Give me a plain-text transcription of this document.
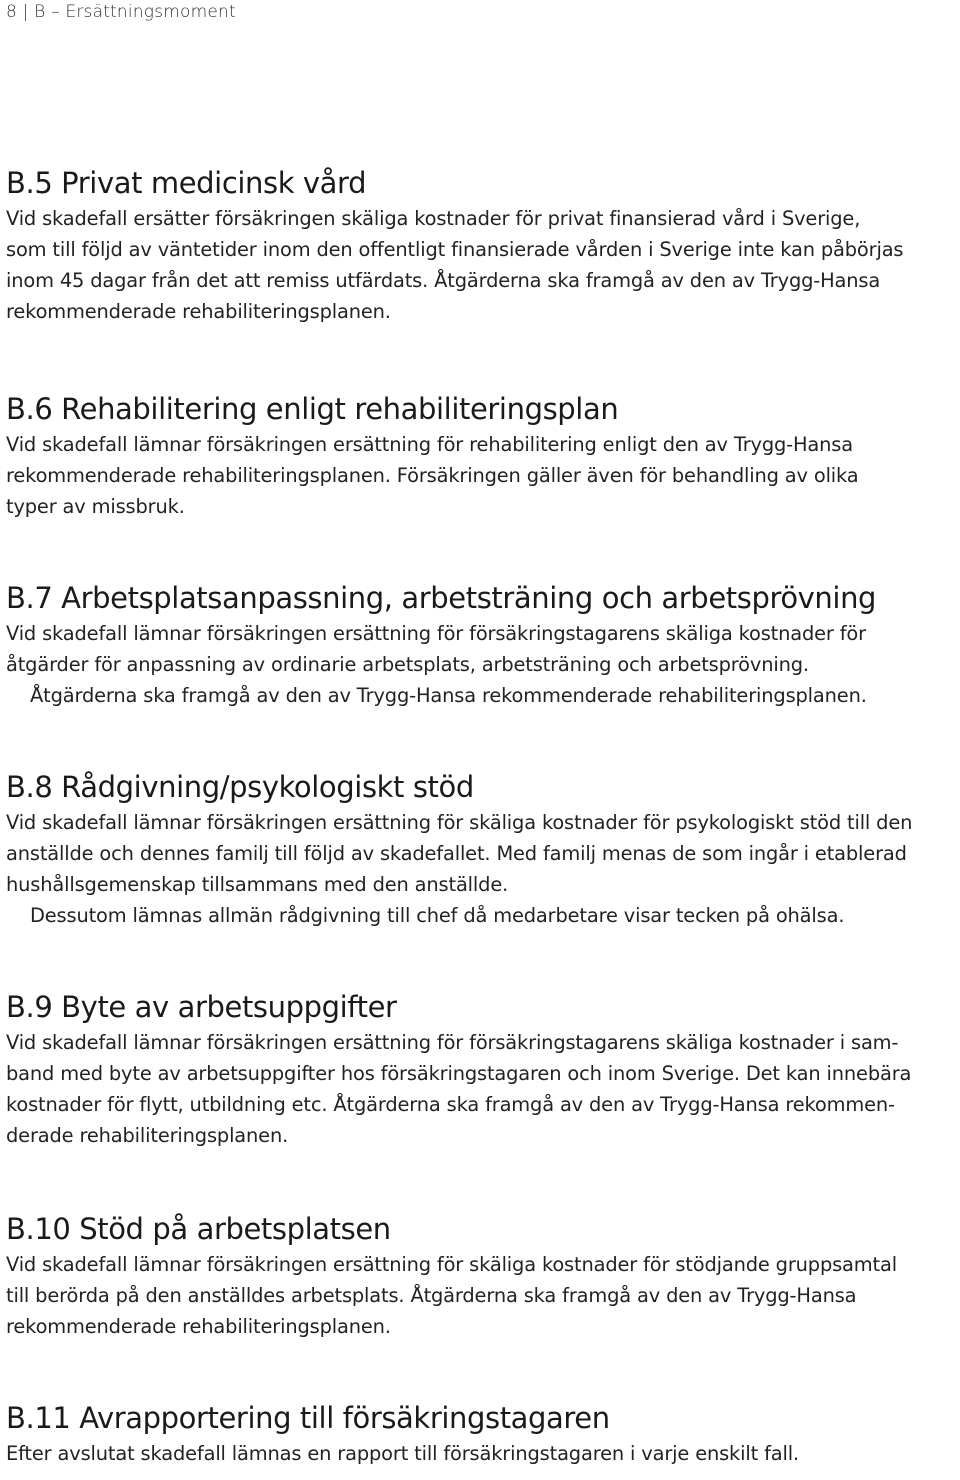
8 | B – Ersättningsmoment
B.5 Privat medicinsk vård

Vid skadefall ersätter försäkringen skäliga kostnader för privat finansierad vård i Sverige,

som till följd av väntetider inom den offentligt finansierade vården i Sverige inte kan påbörjas

inom 45 dagar från det att remiss utfärdats. Åtgärderna ska framgå av den av Trygg-Hansa

rekommenderade rehabiliteringsplanen.

B.6 Rehabilitering enligt rehabiliteringsplan

Vid skadefall lämnar försäkringen ersättning för rehabilitering enligt den av Trygg-Hansa

rekommenderade rehabiliteringsplanen. Försäkringen gäller även för behandling av olika

typer av missbruk.

B.7 Arbetsplatsanpassning, arbetsträning och arbetsprövning

Vid skadefall lämnar försäkringen ersättning för försäkringstagarens skäliga kostnader för

åtgärder för anpassning av ordinarie arbetsplats, arbetsträning och arbetsprövning.

Åtgärderna ska framgå av den av Trygg-Hansa rekommenderade rehabiliteringsplanen.

B.8 Rådgivning/psykologiskt stöd

Vid skadefall lämnar försäkringen ersättning för skäliga kostnader för psykologiskt stöd till den

anställde och dennes familj till följd av skadefallet. Med familj menas de som ingår i etablerad

hushållsgemenskap tillsammans med den anställde.

Dessutom lämnas allmän rådgivning till chef då medarbetare visar tecken på ohälsa.

B.9 Byte av arbetsuppgifter

Vid skadefall lämnar försäkringen ersättning för försäkringstagarens skäliga kostnader i sam-

band med byte av arbetsuppgifter hos försäkringstagaren och inom Sverige. Det kan innebära

kostnader för flytt, utbildning etc. Åtgärderna ska framgå av den av Trygg-Hansa rekommen-

derade rehabiliteringsplanen.

B.10 Stöd på arbetsplatsen

Vid skadefall lämnar försäkringen ersättning för skäliga kostnader för stödjande gruppsamtal

till berörda på den anställdes arbetsplats. Åtgärderna ska framgå av den av Trygg-Hansa

rekommenderade rehabiliteringsplanen.

B.11 Avrapportering till försäkringstagaren

Efter avslutat skadefall lämnas en rapport till försäkringstagaren i varje enskilt fall.
